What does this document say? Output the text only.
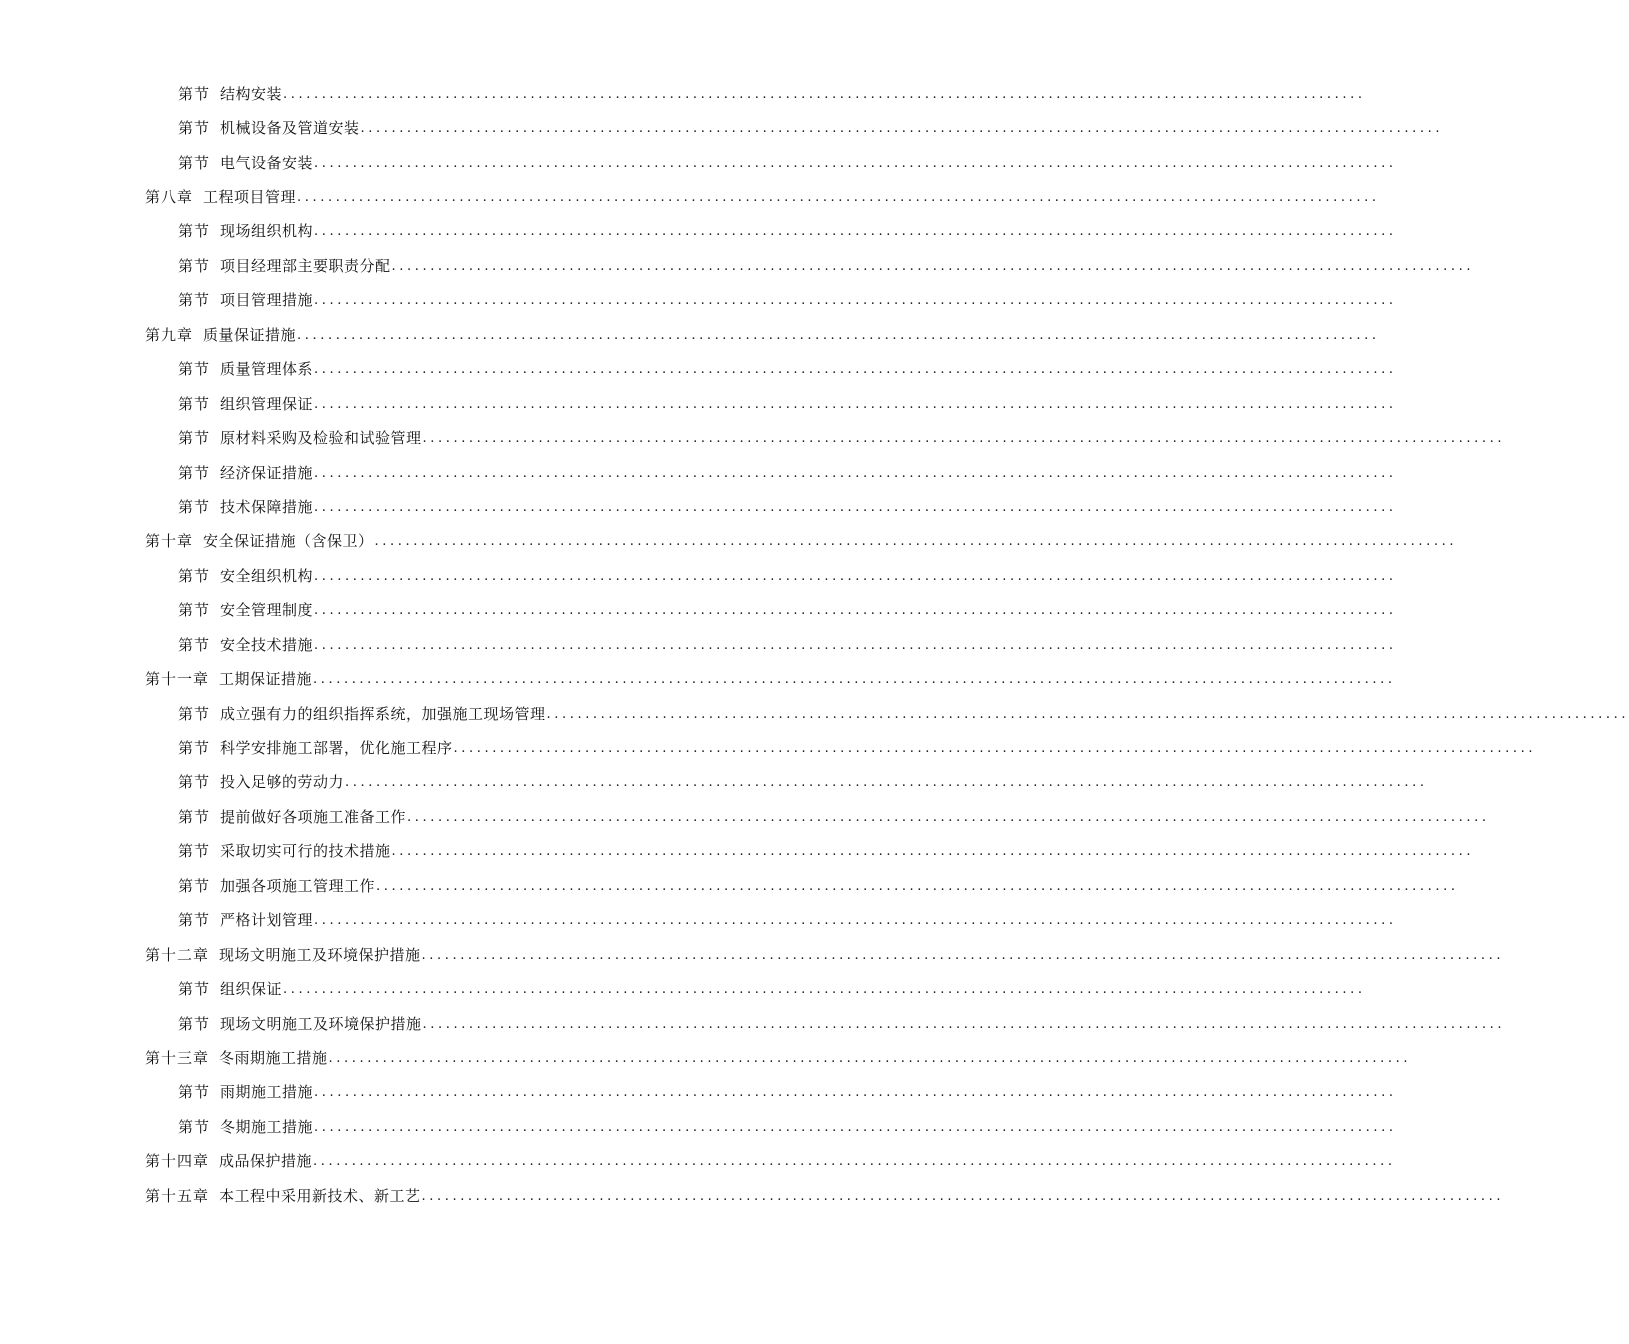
第节 结构安装 ............................................................................................................................................
第节 机械设备及管道安装 ............................................................................................................................................
第节 电气设备安装 ............................................................................................................................................
第八章 工程项目管理 ............................................................................................................................................
第节 现场组织机构 ............................................................................................................................................
第节 项目经理部主要职责分配 ............................................................................................................................................
第节 项目管理措施 ............................................................................................................................................
第九章 质量保证措施 ............................................................................................................................................
第节 质量管理体系 ............................................................................................................................................
第节 组织管理保证 ............................................................................................................................................
第节 原材料采购及检验和试验管理 ............................................................................................................................................
第节 经济保证措施 ............................................................................................................................................
第节 技术保障措施 ............................................................................................................................................
第十章 安全保证措施（含保卫） ............................................................................................................................................
第节 安全组织机构 ............................................................................................................................................
第节 安全管理制度 ............................................................................................................................................
第节 安全技术措施 ............................................................................................................................................
第十一章 工期保证措施 ............................................................................................................................................
第节 成立强有力的组织指挥系统，加强施工现场管理 ............................................................................................................................................
第节 科学安排施工部署，优化施工程序 ............................................................................................................................................
第节 投入足够的劳动力 ............................................................................................................................................
第节 提前做好各项施工准备工作 ............................................................................................................................................
第节 采取切实可行的技术措施 ............................................................................................................................................
第节 加强各项施工管理工作 ............................................................................................................................................
第节 严格计划管理 ............................................................................................................................................
第十二章 现场文明施工及环境保护措施 ............................................................................................................................................
第节 组织保证 ............................................................................................................................................
第节 现场文明施工及环境保护措施 ............................................................................................................................................
第十三章 冬雨期施工措施 ............................................................................................................................................
第节 雨期施工措施 ............................................................................................................................................
第节 冬期施工措施 ............................................................................................................................................
第十四章 成品保护措施 ............................................................................................................................................
第十五章 本工程中采用新技术、新工艺 ............................................................................................................................................
